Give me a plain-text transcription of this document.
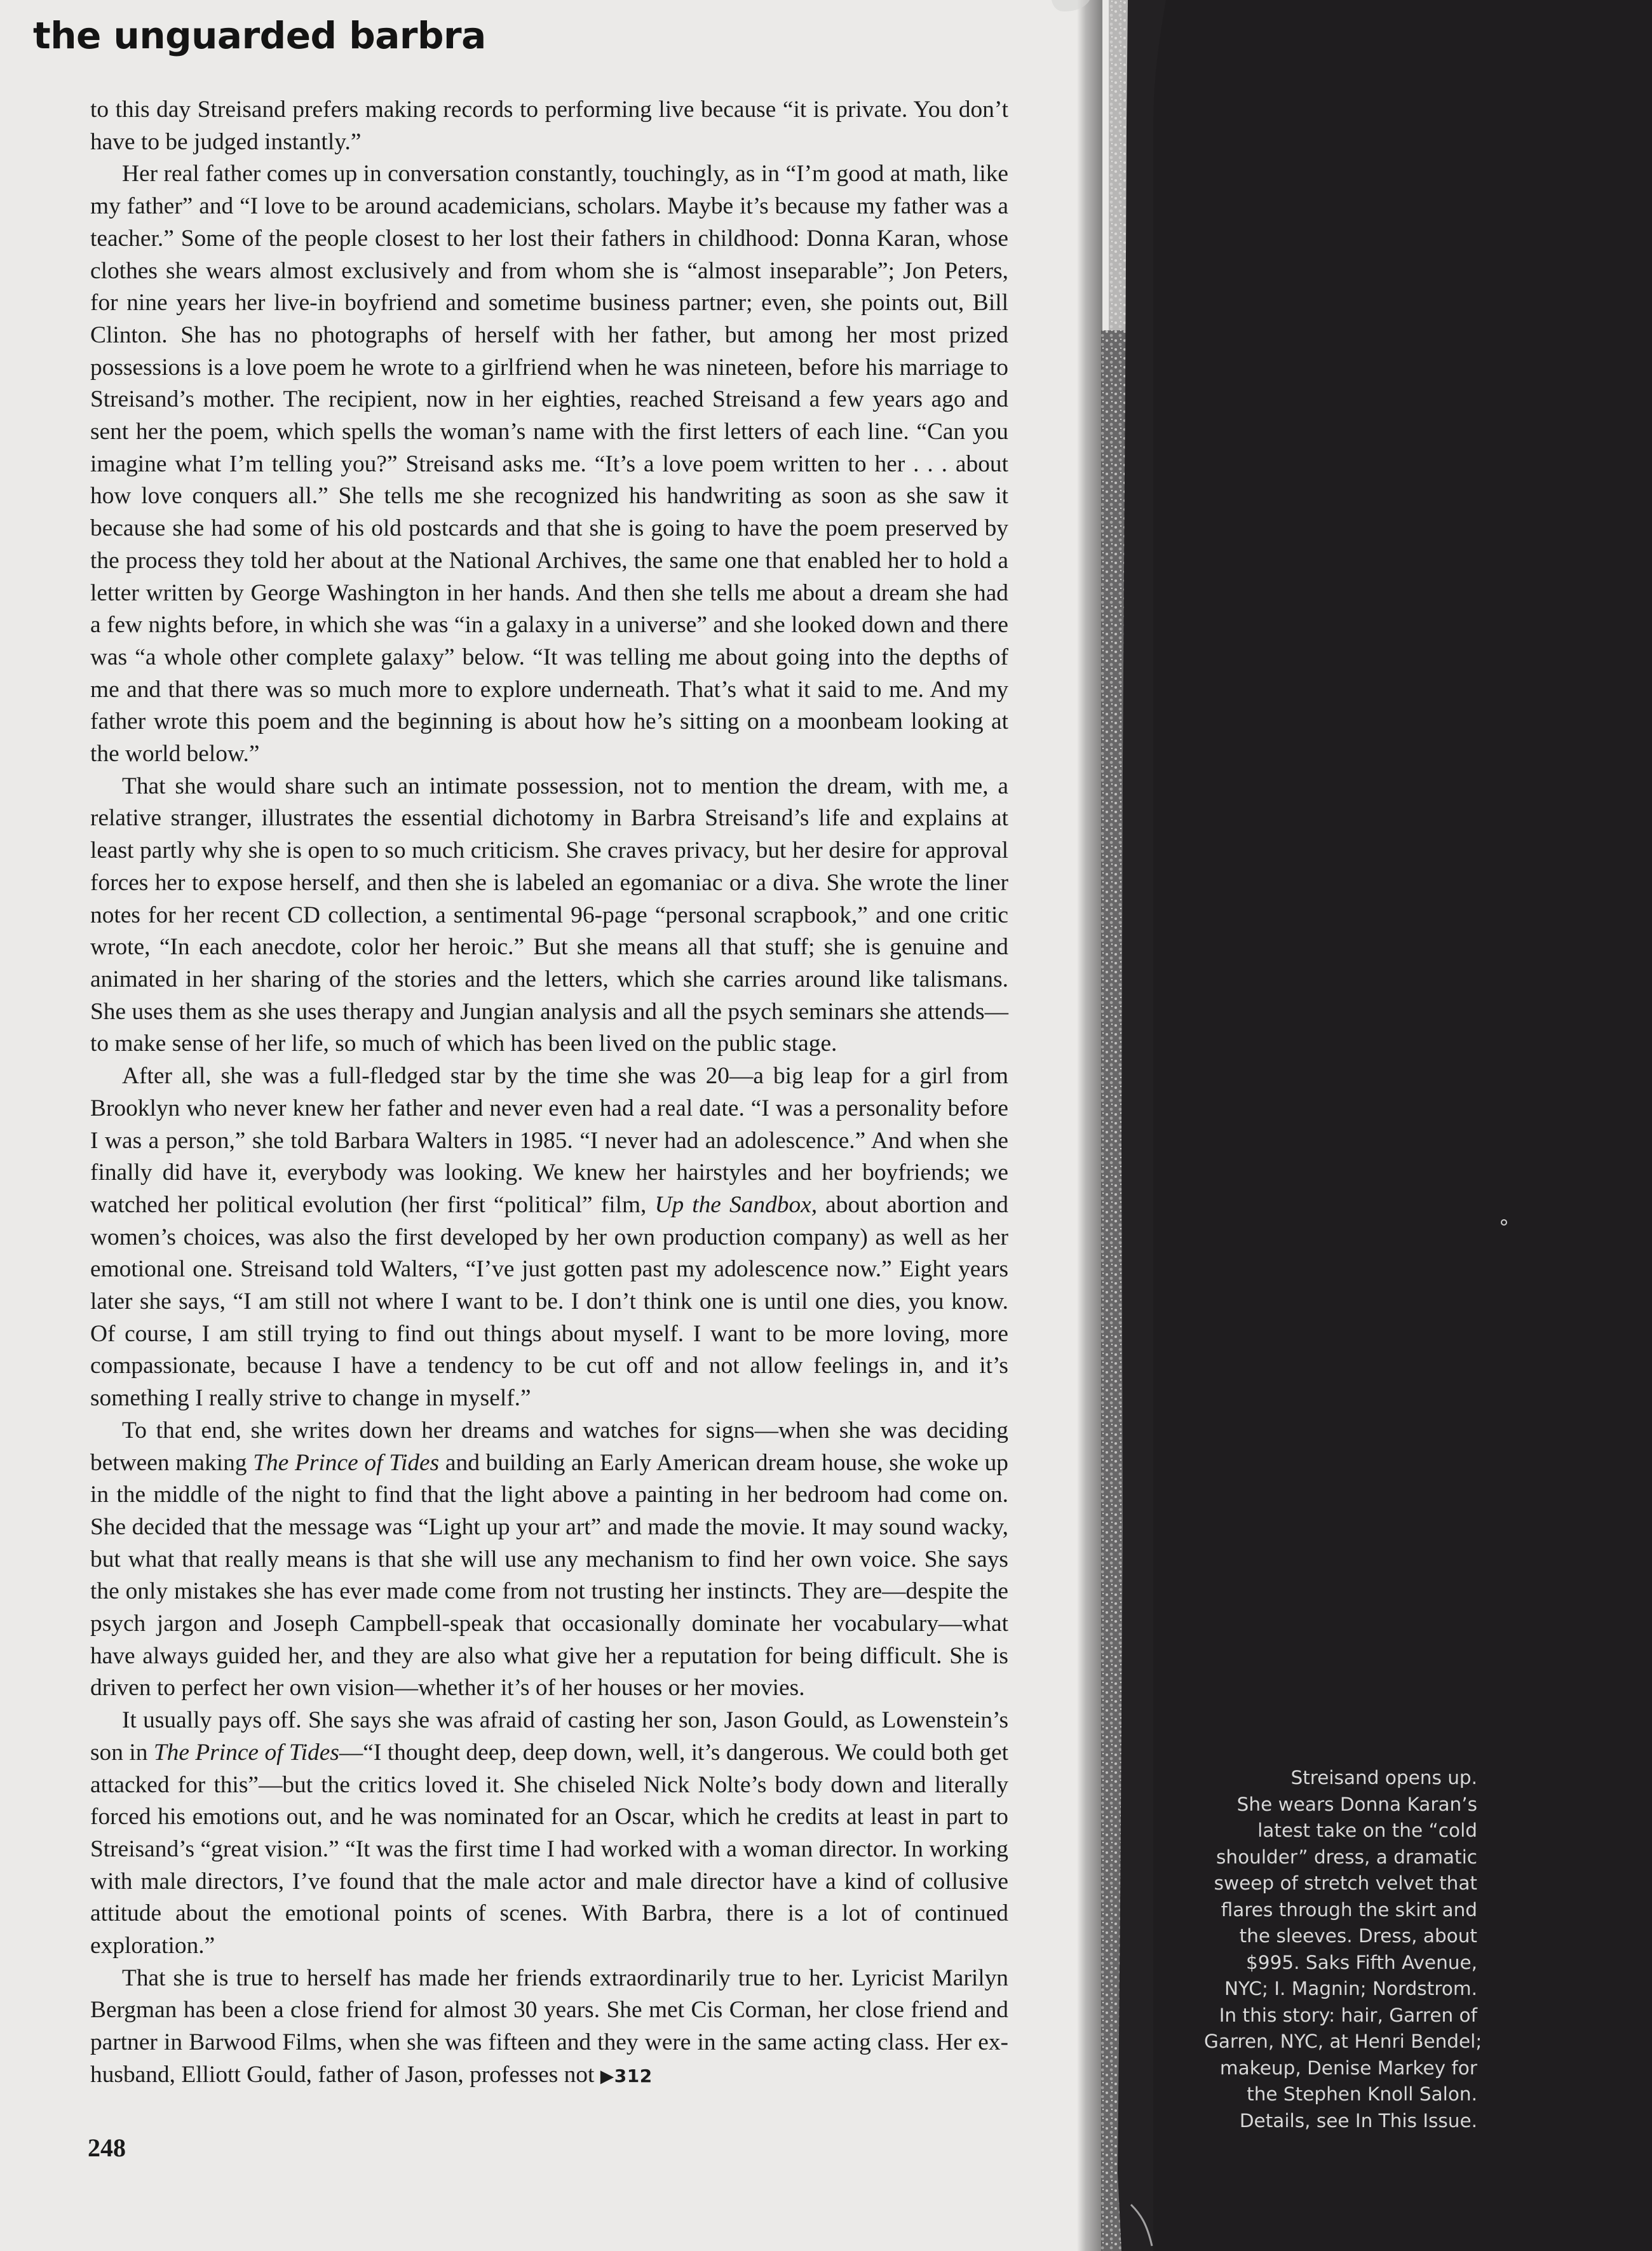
the unguarded barbra

to this day Streisand prefers making records to performing live because “it is private. You don’t have to be judged instantly.”

Her real father comes up in conversation constantly, touchingly, as in “I’m good at math, like my father” and “I love to be around academicians, scholars. Maybe it’s because my father was a teacher.” Some of the people closest to her lost their fathers in childhood: Donna Karan, whose clothes she wears almost exclusively and from whom she is “almost inseparable”; Jon Peters, for nine years her live-in boyfriend and sometime business partner; even, she points out, Bill Clinton. She has no photographs of herself with her father, but among her most prized possessions is a love poem he wrote to a girlfriend when he was nineteen, before his marriage to Streisand’s mother. The recipient, now in her eighties, reached Streisand a few years ago and sent her the poem, which spells the woman’s name with the first letters of each line. “Can you imagine what I’m telling you?” Streisand asks me. “It’s a love poem written to her . . . about how love conquers all.” She tells me she recognized his handwriting as soon as she saw it because she had some of his old postcards and that she is going to have the poem preserved by the process they told her about at the National Archives, the same one that enabled her to hold a letter written by George Washington in her hands. And then she tells me about a dream she had a few nights before, in which she was “in a galaxy in a universe” and she looked down and there was “a whole other complete galaxy” below. “It was telling me about going into the depths of me and that there was so much more to explore underneath. That’s what it said to me. And my father wrote this poem and the beginning is about how he’s sitting on a moonbeam looking at the world below.”

That she would share such an intimate possession, not to mention the dream, with me, a relative stranger, illustrates the essential dichotomy in Barbra Streisand’s life and explains at least partly why she is open to so much criticism. She craves privacy, but her desire for approval forces her to expose herself, and then she is labeled an egomaniac or a diva. She wrote the liner notes for her recent CD collection, a sentimental 96-page “personal scrapbook,” and one critic wrote, “In each anecdote, color her heroic.” But she means all that stuff; she is genuine and animated in her sharing of the stories and the letters, which she carries around like talismans. She uses them as she uses therapy and Jungian analysis and all the psych seminars she attends—to make sense of her life, so much of which has been lived on the public stage.

After all, she was a full-fledged star by the time she was 20—a big leap for a girl from Brooklyn who never knew her father and never even had a real date. “I was a personality before I was a person,” she told Barbara Walters in 1985. “I never had an adolescence.” And when she finally did have it, everybody was looking. We knew her hairstyles and her boyfriends; we watched her political evolution (her first “political” film, Up the Sandbox, about abortion and women’s choices, was also the first developed by her own production company) as well as her emotional one. Streisand told Walters, “I’ve just gotten past my adolescence now.” Eight years later she says, “I am still not where I want to be. I don’t think one is until one dies, you know. Of course, I am still trying to find out things about myself. I want to be more loving, more compassionate, because I have a tendency to be cut off and not allow feelings in, and it’s something I really strive to change in myself.”

To that end, she writes down her dreams and watches for signs—when she was deciding between making The Prince of Tides and building an Early American dream house, she woke up in the middle of the night to find that the light above a painting in her bedroom had come on. She decided that the message was “Light up your art” and made the movie. It may sound wacky, but what that really means is that she will use any mechanism to find her own voice. She says the only mistakes she has ever made come from not trusting her instincts. They are—despite the psych jargon and Joseph Campbell-speak that occasionally dominate her vocabulary—what have always guided her, and they are also what give her a reputation for being difficult. She is driven to perfect her own vision—whether it’s of her houses or her movies.

It usually pays off. She says she was afraid of casting her son, Jason Gould, as Lowenstein’s son in The Prince of Tides—“I thought deep, deep down, well, it’s dangerous. We could both get attacked for this”—but the critics loved it. She chiseled Nick Nolte’s body down and literally forced his emotions out, and he was nominated for an Oscar, which he credits at least in part to Streisand’s “great vision.” “It was the first time I had worked with a woman director. In working with male directors, I’ve found that the male actor and male director have a kind of collusive attitude about the emotional points of scenes. With Barbra, there is a lot of continued exploration.”

That she is true to herself has made her friends extraordinarily true to her. Lyricist Marilyn Bergman has been a close friend for almost 30 years. She met Cis Corman, her close friend and partner in Barwood Films, when she was fifteen and they were in the same acting class. Her ex-husband, Elliott Gould, father of Jason, professes not ▶312

248
Streisand opens up.
She wears Donna Karan’s
latest take on the “cold
shoulder” dress, a dramatic
sweep of stretch velvet that
flares through the skirt and
the sleeves. Dress, about
$995. Saks Fifth Avenue,
NYC; I. Magnin; Nordstrom.
In this story: hair, Garren of
Garren, NYC, at Henri Bendel;
makeup, Denise Markey for
the Stephen Knoll Salon.
Details, see In This Issue.
